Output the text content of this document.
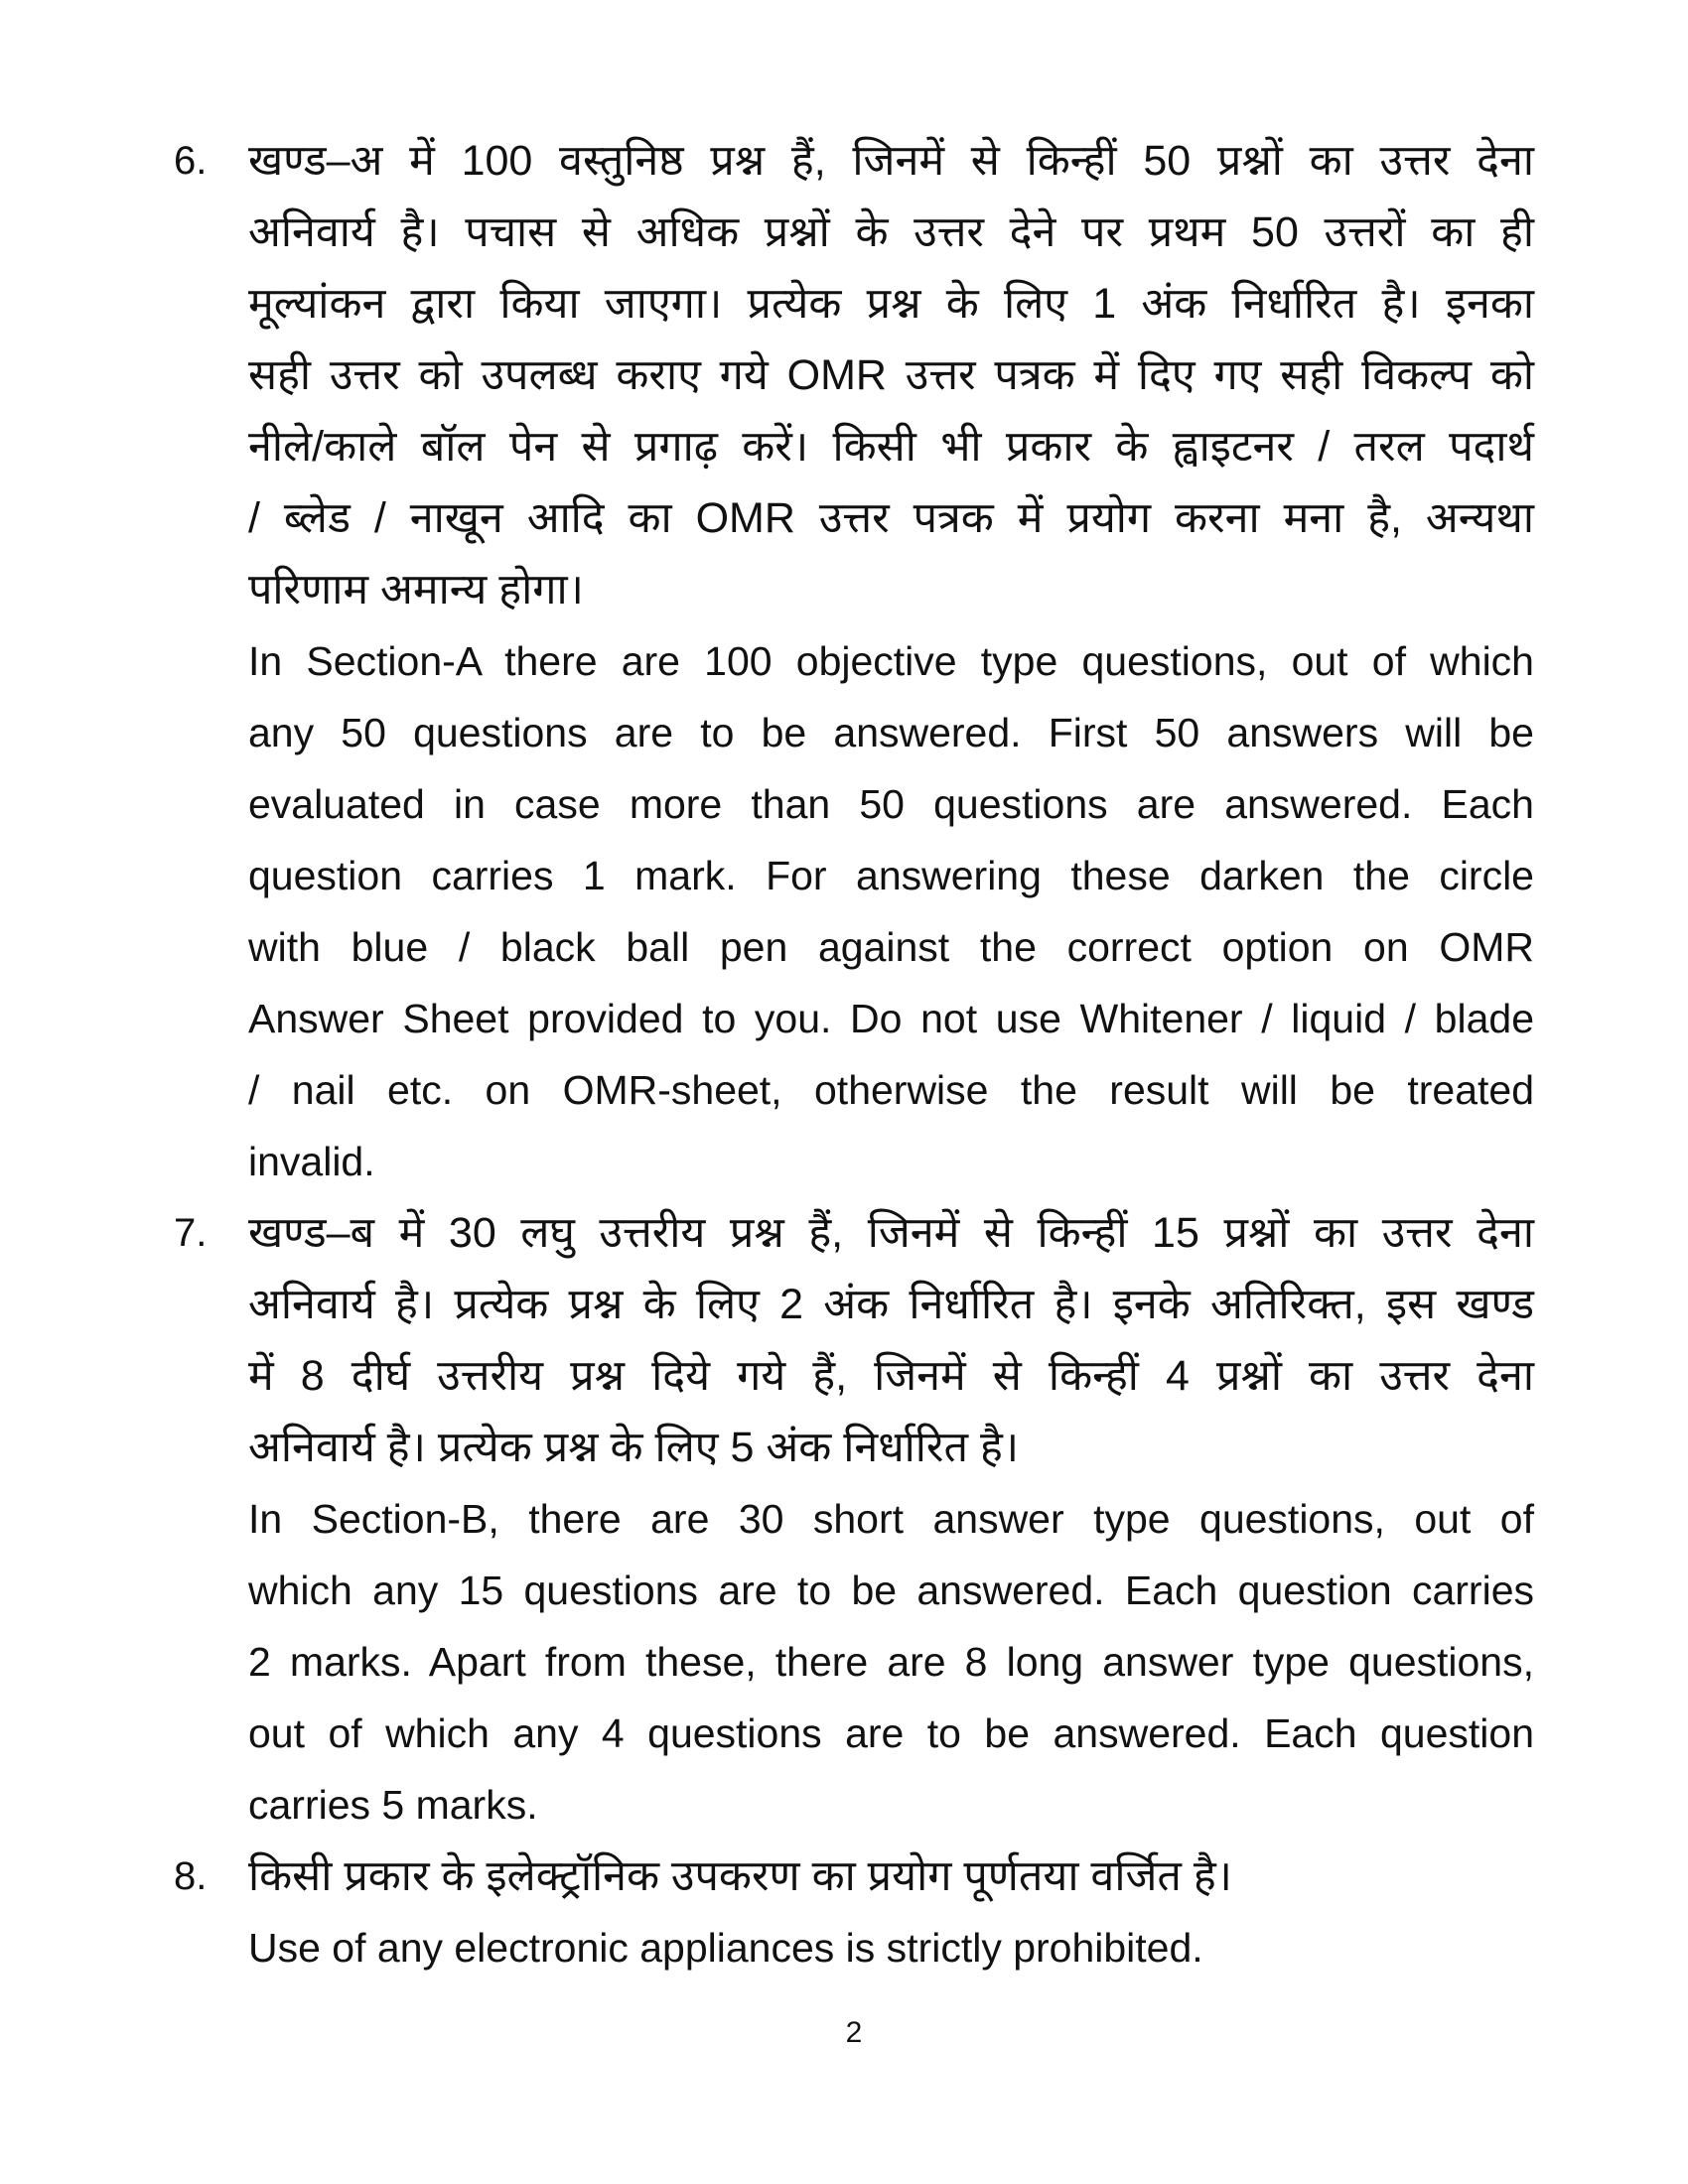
6. खण्ड–अ में 100 वस्तुनिष्ठ प्रश्न हैं, जिनमें से किन्हीं 50 प्रश्नों का उत्तर देना
अनिवार्य है। पचास से अधिक प्रश्नों के उत्तर देने पर प्रथम 50 उत्तरों का ही
मूल्यांकन द्वारा किया जाएगा। प्रत्येक प्रश्न के लिए 1 अंक निर्धारित है। इनका
सही उत्तर को उपलब्ध कराए गये OMR उत्तर पत्रक में दिए गए सही विकल्प को
नीले/काले बॉल पेन से प्रगाढ़ करें। किसी भी प्रकार के ह्वाइटनर / तरल पदार्थ
/ ब्लेड / नाखून आदि का OMR उत्तर पत्रक में प्रयोग करना मना है, अन्यथा
परिणाम अमान्य होगा।
In Section-A there are 100 objective type questions, out of which
any 50 questions are to be answered. First 50 answers will be
evaluated in case more than 50 questions are answered. Each
question carries 1 mark. For answering these darken the circle
with blue / black ball pen against the correct option on OMR
Answer Sheet provided to you. Do not use Whitener / liquid / blade
/ nail etc. on OMR-sheet, otherwise the result will be treated
invalid.
7. खण्ड–ब में 30 लघु उत्तरीय प्रश्न हैं, जिनमें से किन्हीं 15 प्रश्नों का उत्तर देना
अनिवार्य है। प्रत्येक प्रश्न के लिए 2 अंक निर्धारित है। इनके अतिरिक्त, इस खण्ड
में 8 दीर्घ उत्तरीय प्रश्न दिये गये हैं, जिनमें से किन्हीं 4 प्रश्नों का उत्तर देना
अनिवार्य है। प्रत्येक प्रश्न के लिए 5 अंक निर्धारित है।
In Section-B, there are 30 short answer type questions, out of
which any 15 questions are to be answered. Each question carries
2 marks. Apart from these, there are 8 long answer type questions,
out of which any 4 questions are to be answered. Each question
carries 5 marks.
8. किसी प्रकार के इलेक्ट्रॉनिक उपकरण का प्रयोग पूर्णतया वर्जित है।
Use of any electronic appliances is strictly prohibited.
2
